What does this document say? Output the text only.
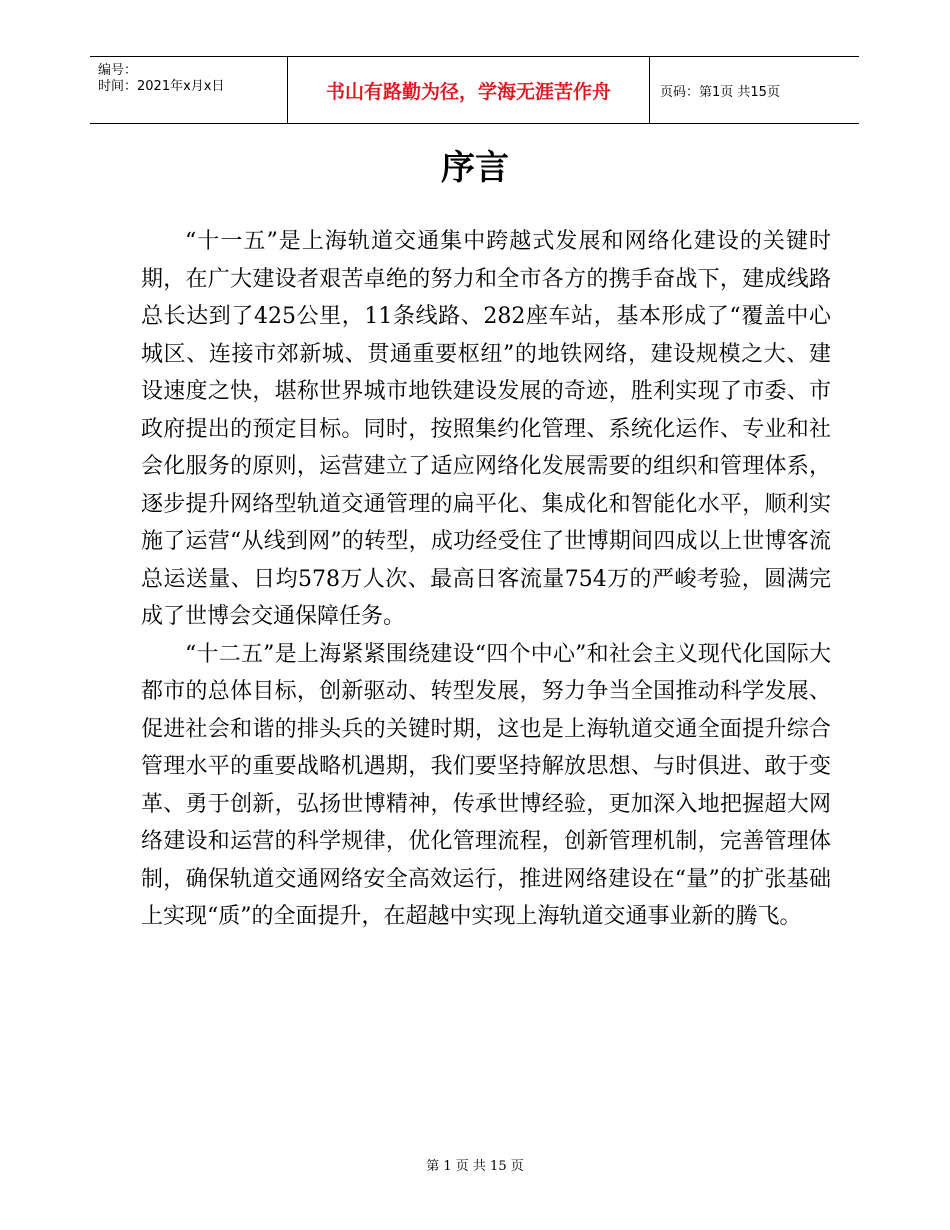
编号：
时间：2021年x月x日	书山有路勤为径，学海无涯苦作舟	页码：第1页 共15页
序言

“十一五”是上海轨道交通集中跨越式发展和网络化建设的关键时期，在广大建设者艰苦卓绝的努力和全市各方的携手奋战下，建成线路总长达到了425公里，11条线路、282座车站，基本形成了“覆盖中心城区、连接市郊新城、贯通重要枢纽”的地铁网络，建设规模之大、建设速度之快，堪称世界城市地铁建设发展的奇迹，胜利实现了市委、市政府提出的预定目标。同时，按照集约化管理、系统化运作、专业和社会化服务的原则，运营建立了适应网络化发展需要的组织和管理体系，逐步提升网络型轨道交通管理的扁平化、集成化和智能化水平，顺利实施了运营“从线到网”的转型，成功经受住了世博期间四成以上世博客流总运送量、日均578万人次、最高日客流量754万的严峻考验，圆满完成了世博会交通保障任务。

“十二五”是上海紧紧围绕建设“四个中心”和社会主义现代化国际大都市的总体目标，创新驱动、转型发展，努力争当全国推动科学发展、促进社会和谐的排头兵的关键时期，这也是上海轨道交通全面提升综合管理水平的重要战略机遇期，我们要坚持解放思想、与时俱进、敢于变革、勇于创新，弘扬世博精神，传承世博经验，更加深入地把握超大网络建设和运营的科学规律，优化管理流程，创新管理机制，完善管理体制，确保轨道交通网络安全高效运行，推进网络建设在“量”的扩张基础上实现“质”的全面提升，在超越中实现上海轨道交通事业新的腾飞。

第 1 页 共 15 页
